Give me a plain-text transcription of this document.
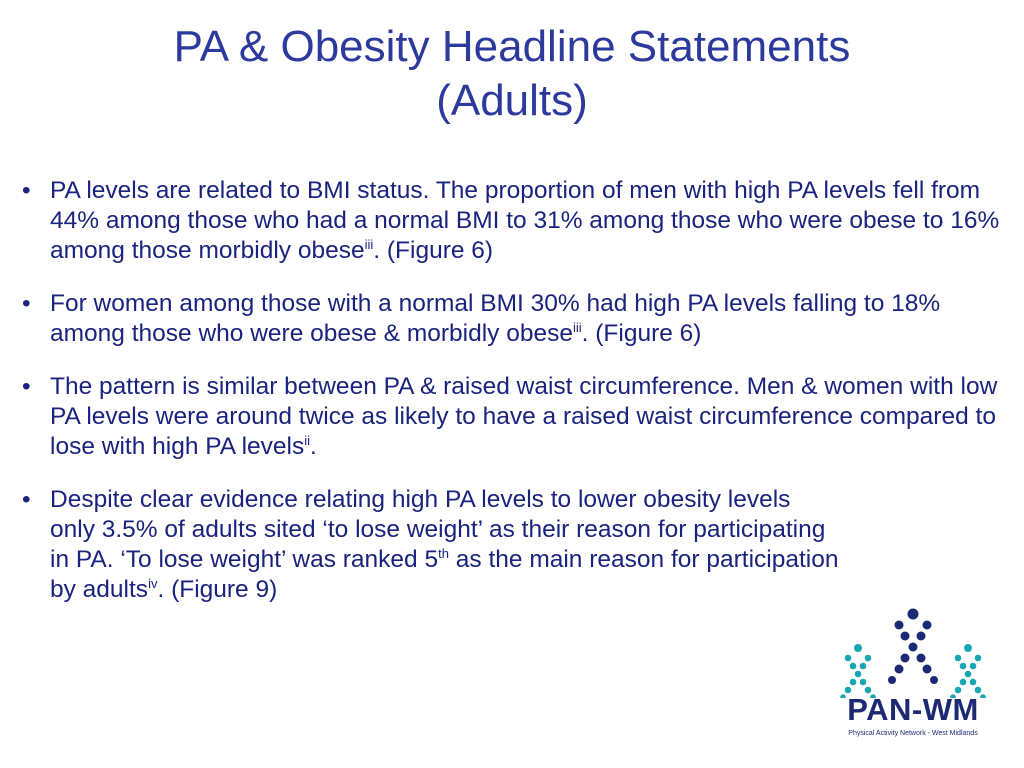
PA & Obesity Headline Statements
(Adults)
• PA levels are related to BMI status. The proportion of men with high PA levels fell from 44% among those who had a normal BMI to 31% among those who were obese to 16% among those morbidly obese$^{iii}$. (Figure 6)
• For women among those with a normal BMI 30% had high PA levels falling to 18% among those who were obese & morbidly obese$^{iii}$. (Figure 6)
• The pattern is similar between PA & raised waist circumference. Men & women with low PA levels were around twice as likely to have a raised waist circumference compared to lose with high PA levels$^{ii}$.
• Despite clear evidence relating high PA levels to lower obesity levels only 3.5% of adults sited ‘to lose weight’ as their reason for participating in PA. ‘To lose weight’ was ranked 5th as the main reason for participation by adults$^{iv}$. (Figure 9)
PAN-WM
Physical Activity Network - West Midlands
